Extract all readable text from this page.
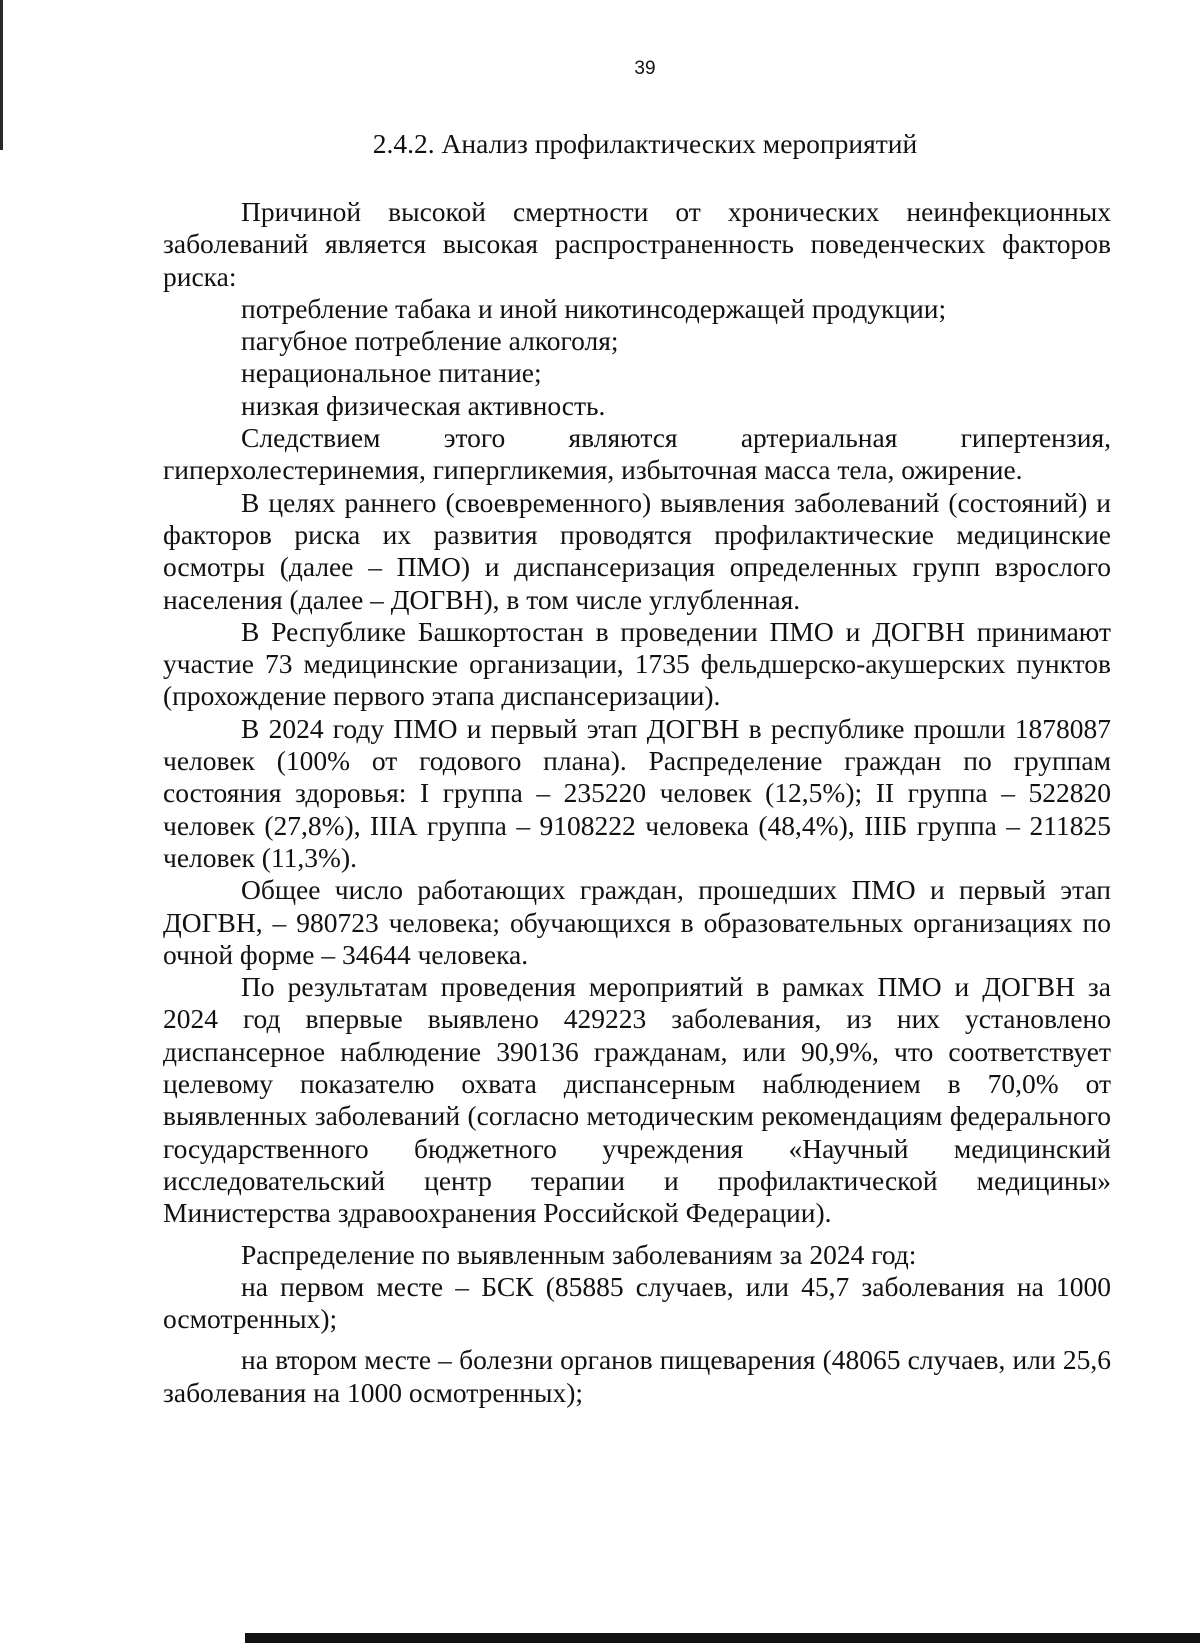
39
2.4.2. Анализ профилактических мероприятий

Причиной высокой смертности от хронических неинфекционных заболеваний является высокая распространенность поведенческих факторов риска:

потребление табака и иной никотинсодержащей продукции;

пагубное потребление алкоголя;

нерациональное питание;

низкая физическая активность.

Следствием этого являются артериальная гипертензия, гиперхолестеринемия, гипергликемия, избыточная масса тела, ожирение.

В целях раннего (своевременного) выявления заболеваний (состояний) и факторов риска их развития проводятся профилактические медицинские осмотры (далее – ПМО) и диспансеризация определенных групп взрослого населения (далее – ДОГВН), в том числе углубленная.

В Республике Башкортостан в проведении ПМО и ДОГВН принимают участие 73 медицинские организации, 1735 фельдшерско-акушерских пунктов (прохождение первого этапа диспансеризации).

В 2024 году ПМО и первый этап ДОГВН в республике прошли 1878087 человек (100% от годового плана). Распределение граждан по группам состояния здоровья: I группа – 235220 человек (12,5%); II группа – 522820 человек (27,8%), IIIА группа – 9108222 человека (48,4%), IIIБ группа – 211825 человек (11,3%).

Общее число работающих граждан, прошедших ПМО и первый этап ДОГВН, – 980723 человека; обучающихся в образовательных организациях по очной форме – 34644 человека.

По результатам проведения мероприятий в рамках ПМО и ДОГВН за 2024 год впервые выявлено 429223 заболевания, из них установлено диспансерное наблюдение 390136 гражданам, или 90,9%, что соответствует целевому показателю охвата диспансерным наблюдением в 70,0% от выявленных заболеваний (согласно методическим рекомендациям федерального государственного бюджетного учреждения «Научный медицинский исследовательский центр терапии и профилактической медицины» Министерства здравоохранения Российской Федерации).

Распределение по выявленным заболеваниям за 2024 год:

на первом месте – БСК (85885 случаев, или 45,7 заболевания на 1000 осмотренных);

на втором месте – болезни органов пищеварения (48065 случаев, или 25,6 заболевания на 1000 осмотренных);
